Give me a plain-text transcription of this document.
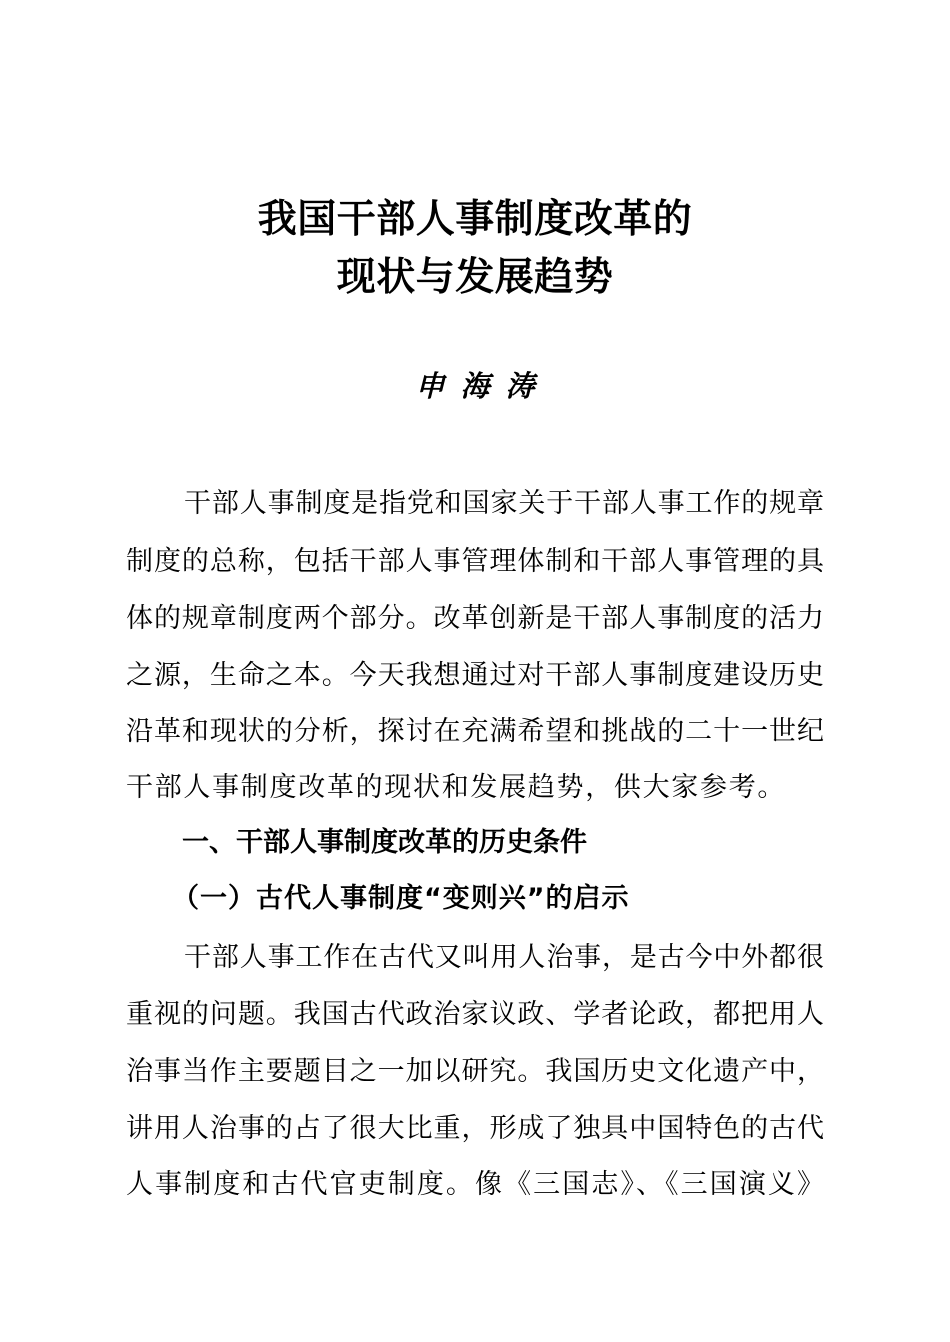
我国干部人事制度改革的
现状与发展趋势
申海涛
干部人事制度是指党和国家关于干部人事工作的规章
制度的总称，包括干部人事管理体制和干部人事管理的具
体的规章制度两个部分。改革创新是干部人事制度的活力
之源，生命之本。今天我想通过对干部人事制度建设历史
沿革和现状的分析，探讨在充满希望和挑战的二十一世纪
干部人事制度改革的现状和发展趋势，供大家参考。
一、干部人事制度改革的历史条件
（一）古代人事制度“变则兴”的启示
干部人事工作在古代又叫用人治事，是古今中外都很
重视的问题。我国古代政治家议政、学者论政，都把用人
治事当作主要题目之一加以研究。我国历史文化遗产中，
讲用人治事的占了很大比重，形成了独具中国特色的古代
人事制度和古代官吏制度。像《三国志》、《三国演义》
